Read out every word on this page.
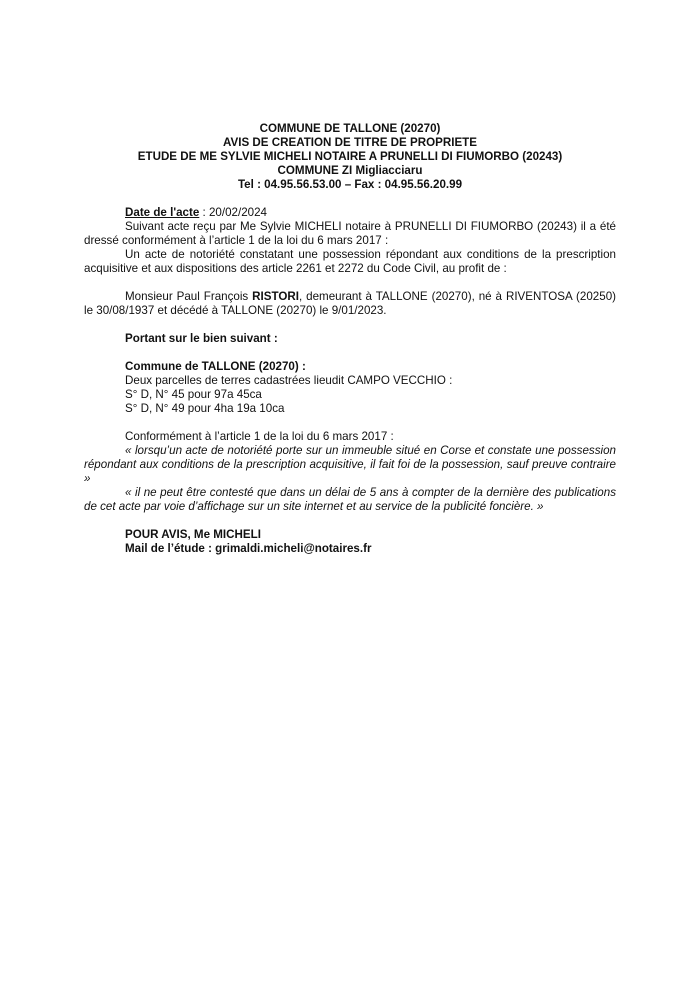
COMMUNE DE TALLONE (20270)
AVIS DE CREATION DE TITRE DE PROPRIETE
ETUDE DE ME SYLVIE MICHELI NOTAIRE A PRUNELLI DI FIUMORBO (20243)
COMMUNE ZI Migliacciaru
Tel : 04.95.56.53.00 – Fax : 04.95.56.20.99

Date de l'acte : 20/02/2024

Suivant acte reçu par Me Sylvie MICHELI notaire à PRUNELLI DI FIUMORBO (20243) il a été dressé conformément à l’article 1 de la loi du 6 mars 2017 :

Un acte de notoriété constatant une possession répondant aux conditions de la prescription acquisitive et aux dispositions des article 2261 et 2272 du Code Civil, au profit de :

Monsieur Paul François RISTORI, demeurant à TALLONE (20270), né à RIVENTOSA (20250) le 30/08/1937 et décédé à TALLONE (20270) le 9/01/2023.

Portant sur le bien suivant :

Commune de TALLONE (20270) :

Deux parcelles de terres cadastrées lieudit CAMPO VECCHIO :

S° D, N° 45 pour 97a 45ca

S° D, N° 49 pour 4ha 19a 10ca

Conformément à l’article 1 de la loi du 6 mars 2017 :

« lorsqu’un acte de notoriété porte sur un immeuble situé en Corse et constate une possession répondant aux conditions de la prescription acquisitive, il fait foi de la possession, sauf preuve contraire »

« il ne peut être contesté que dans un délai de 5 ans à compter de la dernière des publications de cet acte par voie d’affichage sur un site internet et au service de la publicité foncière. »

POUR AVIS, Me MICHELI

Mail de l’étude : grimaldi.micheli@notaires.fr
